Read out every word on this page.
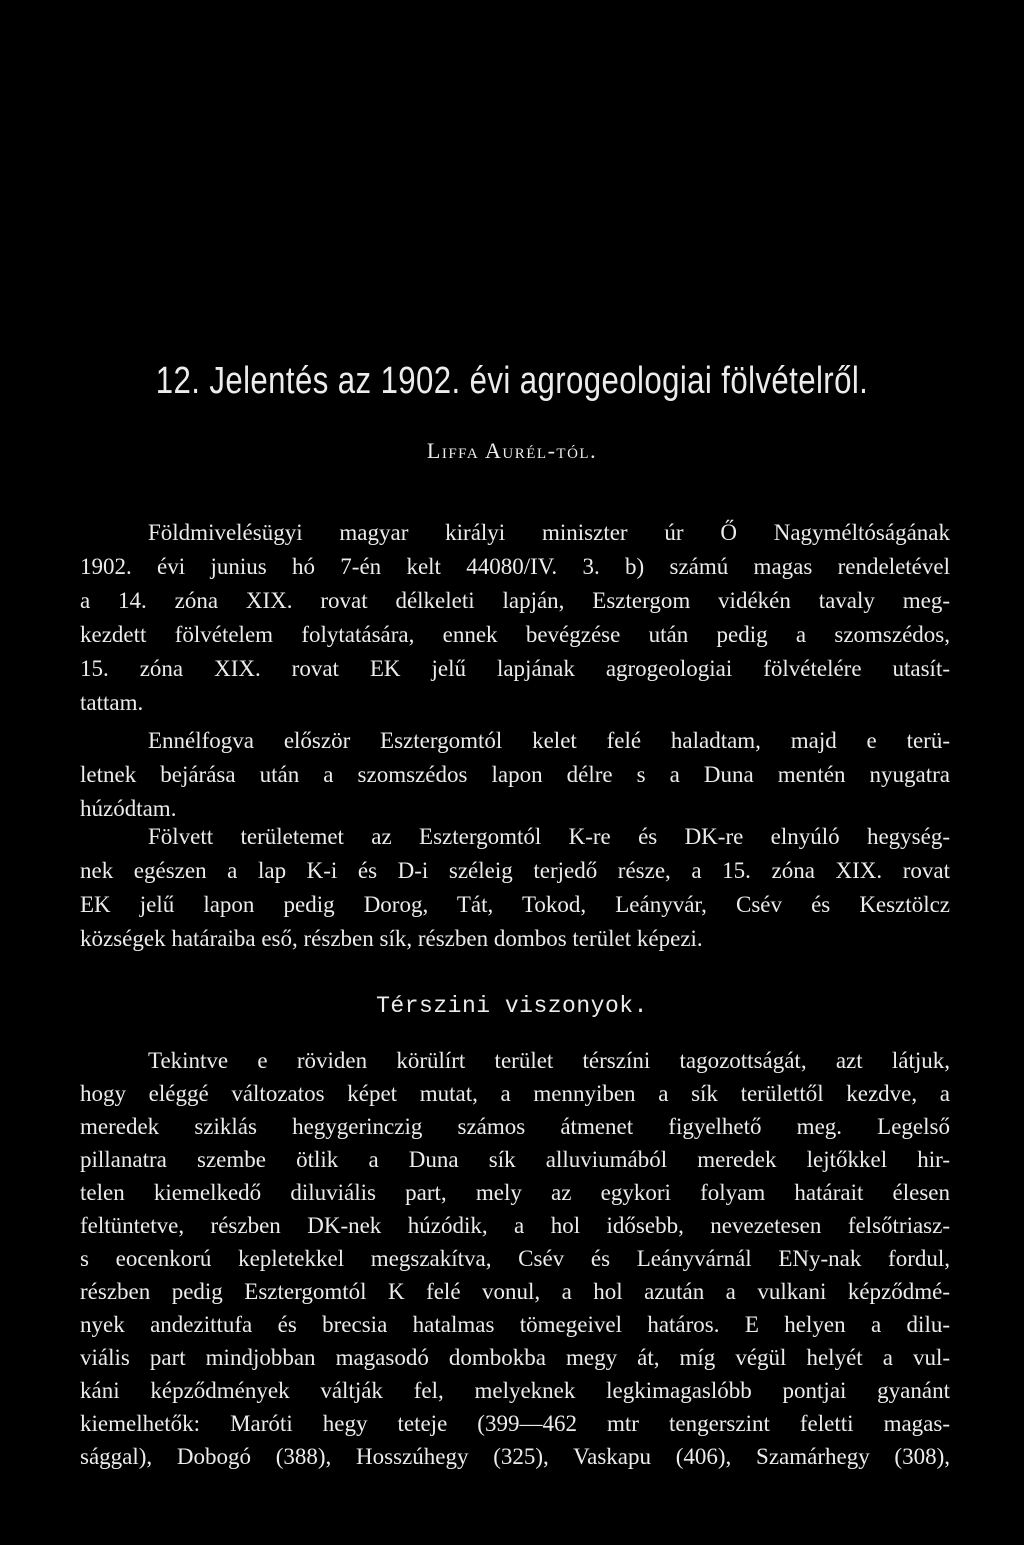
12. Jelentés az 1902. évi agrogeologiai fölvételről.
Liffa Aurél-tól.
Földmivelésügyi magyar királyi miniszter úr Ő Nagyméltóságának
1902. évi junius hó 7-én kelt 44080/IV. 3. b) számú magas rendeletével
a 14. zóna XIX. rovat délkeleti lapján, Esztergom vidékén tavaly meg-
kezdett fölvételem folytatására, ennek bevégzése után pedig a szomszédos,
15. zóna XIX. rovat EK jelű lapjának agrogeologiai fölvételére utasít-
tattam.
Ennélfogva először Esztergomtól kelet felé haladtam, majd e terü-
letnek bejárása után a szomszédos lapon délre s a Duna mentén nyugatra
húzódtam.
Fölvett területemet az Esztergomtól K-re és DK-re elnyúló hegység-
nek egészen a lap K-i és D-i széleig terjedő része, a 15. zóna XIX. rovat
EK jelű lapon pedig Dorog, Tát, Tokod, Leányvár, Csév és Kesztölcz
községek határaiba eső, részben sík, részben dombos terület képezi.
Térszini viszonyok.
Tekintve e röviden körülírt terület térszíni tagozottságát, azt látjuk,
hogy eléggé változatos képet mutat, a mennyiben a sík területtől kezdve, a
meredek sziklás hegygerinczig számos átmenet figyelhető meg. Legelső
pillanatra szembe ötlik a Duna sík alluviumából meredek lejtőkkel hir-
telen kiemelkedő diluviális part, mely az egykori folyam határait élesen
feltüntetve, részben DK-nek húzódik, a hol idősebb, nevezetesen felsőtriasz-
s eocenkorú kepletekkel megszakítva, Csév és Leányvárnál ENy-nak fordul,
részben pedig Esztergomtól K felé vonul, a hol azután a vulkani képződmé-
nyek andezittufa és brecsia hatalmas tömegeivel határos. E helyen a dilu-
viális part mindjobban magasodó dombokba megy át, míg végül helyét a vul-
káni képződmények váltják fel, melyeknek legkimagaslóbb pontjai gyanánt
kiemelhetők: Maróti hegy teteje (399—462 mtr tengerszint feletti magas-
sággal), Dobogó (388), Hosszúhegy (325), Vaskapu (406), Szamárhegy (308),
